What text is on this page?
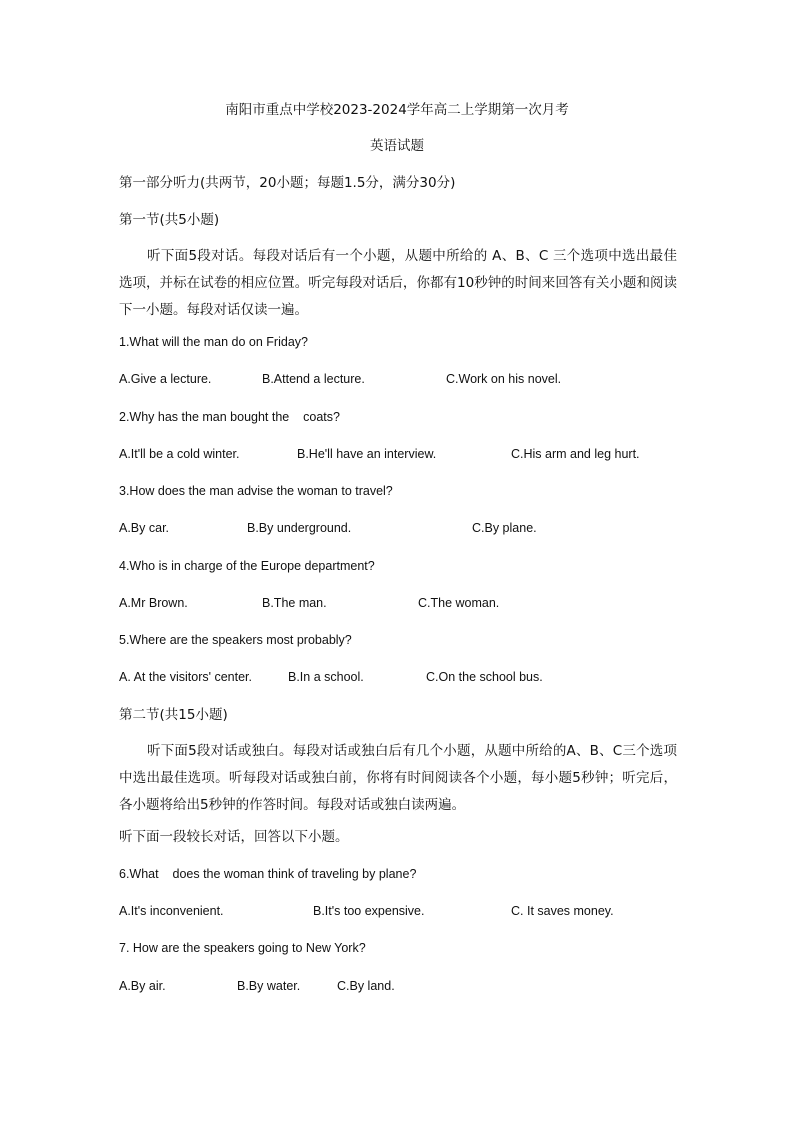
南阳市重点中学校2023-2024学年高二上学期第一次月考
英语试题
第一部分听力(共两节，20小题；每题1.5分，满分30分)
第一节(共5小题)
听下面5段对话。每段对话后有一个小题，从题中所给的 A、B、C 三个选项中选出最佳选项，并标在试卷的相应位置。听完每段对话后，你都有10秒钟的时间来回答有关小题和阅读下一小题。每段对话仅读一遍。
1.What will the man do on Friday?
A.Give a lecture.	B.Attend a lecture.	C.Work on his novel.
2.Why has the man bought the    coats?
A.It'll be a cold winter.	B.He'll have an interview.	C.His arm and leg hurt.
3.How does the man advise the woman to travel?
A.By car.	B.By underground.	C.By plane.
4.Who is in charge of the Europe department?
A.Mr Brown.	B.The man.	C.The woman.
5.Where are the speakers most probably?
A. At the visitors' center.	B.In a school.	C.On the school bus.
第二节(共15小题)
听下面5段对话或独白。每段对话或独白后有几个小题，从题中所给的A、B、C三个选项中选出最佳选项。听每段对话或独白前，你将有时间阅读各个小题，每小题5秒钟；听完后，各小题将给出5秒钟的作答时间。每段对话或独白读两遍。
听下面一段较长对话，回答以下小题。
6.What    does the woman think of traveling by plane?
A.It's inconvenient.	B.It's too expensive.	C. It saves money.
7. How are the speakers going to New York?
A.By air.	B.By water.	C.By land.
